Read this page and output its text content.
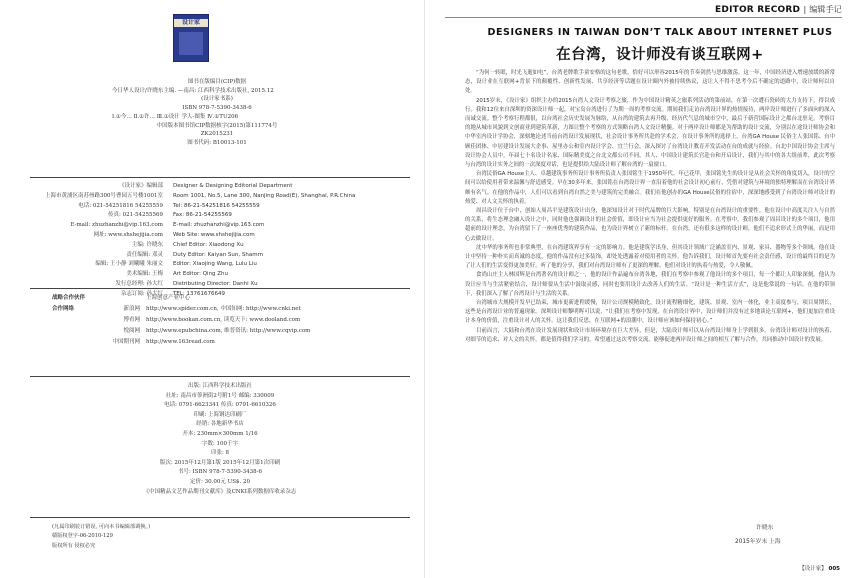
设计家
图书在版编目(CIP)数据
今日华人设计/许晓东主编. —南昌: 江西科学技术出版社, 2015.12
(设计家书系)
ISBN 978-7-5390-3438-6
Ⅰ.①今… Ⅱ.①许… Ⅲ.①设计 学人-图集 Ⅳ.①TU206
中国版本图书馆CIP数据核字(2015)第111774号
ZK2015231
图书代码: B10013-101
《设计家》编辑部	Designer & Designing Editorial Department
上海市黄浦区南苏州路300号曹园五号楼1001室	Room 1001, No.5, Lane 300, Nanjing Road(E), Shanghai, P.R.China
电话: 021-54251816 54255559	Tel: 86-21-54251816 54255559
传真: 021-54255569	Fax: 86-21-54255569
E-mail: zhuzhanzhi@vip.163.com	E-mail: zhuzhanzhi@vip.163.com
网址: www.shshejijia.com	Web Site: www.shshejijia.com
主编: 许晓东	Chief Editor: Xiaodong Xu
责任编辑: 邓灵	Duty Editor: Kaiyan Sun, Shamm
编辑: 王小静 刘曦曦 朱丽文	Editor: Xiaojing Wang, Lulu Liu
美术编辑: 王梅	Art Editor: Qing Zhu
发行总经理: 孙大红	Distributing Director: Danhi Xu
杂志订阅: 孙大红	TEL: 13761676649
战略合作伙伴	上海创意产业中心
合作网络	新浪网	http://www.spider.com.cn, 中国知网: http://www.cnki.net
博看网	http://www.bookan.com.cn, 读览天下: www.dooland.com
悦阅网	http://www.epubchina.com, 维普资讯: http://www.cqvip.com
中国期刊网	http://www.163read.com
出版: 江西科学技术出版社
社址: 南昌市蓼洲街2号附1号 邮编: 330009
电话: 0791-6623341 传真: 0791-6610326
印刷: 上海钢达印刷厂
经销: 各地新华书店
开本: 230mm×300mm 1/16
字数: 100千字
印张: 8
版次: 2015年12月第1版 2015年12月第1次印刷
书号: ISBN 978-7-5390-3438-6
定价: 30.00元 US$. 20
《中国精品文艺作品期刊文献库》及CNKI系列数据库收录杂志
(凡属印刷装订错误, 可向本书编辑部调换。)
赣版权登字-06-2010-129
版权所有 侵权必究
EDITOR RECORD | 编辑手记
DESIGNERS IN TAIWAN DON’T TALK ABOUT INTERNET PLUS
在台湾，设计师没有谈互联网+

“为何一转眼，时光飞逝如电”，台湾老牌歌手童安格的这句老歌，恰好可以形容2015年的节奏剑然与思维激荡。这一年，中国经济进入增速放缓的新常态，设计业在互联网+背景下的颠覆性、创新性发展、共享经济等话题在设计圈内外被持续热议，这让人不得不思考今后不确定的道路中，设计师何以自处。

2015岁末，《设计家》组织主办的2015台湾人文设计考察之旅，作为中国设计精英之旅系列活动的第前站，在第一次遭石瓷砖的大力支持下，得以成行。我和12位来自深圳的资深设计师一起，对宝岛台湾进行了为期一周的考察交流。期间我们走访台湾设计界的热情接待，两岸设计师进行了多面向的深入而诚交流。整个考察行程都很，以台湾社会历史发展为脉络，从台湾的建筑去再升级，经历代气息的城市空中，最后于新营国际设计之都台北驻足。考察目的地从城市风貌到文创商业到建筑革新，力图让整个考察的方式领略台湾人文设计精髓。对于两岸设计师都是为帮助的设计交流，分别以在途设计师协会和中华室内设计学协会，深刻地论述当前台湾设计发展现状，社会设计事务所共赴的学术会，在设计事务所的选择上，台湾GA House 民俗主人张国铭、台中顾佳团体、中居建设计发展大企事、屋里办公和室内设计学会、宜兰行会，深入探讨了台湾设计教育开发活动在台的成就与经验。台北中国设计协会主席与设计协会人员中，年届七十名设计名家、国际精美度之台北文都公司不同，其人、中国设计建筑长官赴台和开启设计，我们与其中的各大组前辈，此次考察与台湾的设计实务之间的一次深度对话，也是提供给大陆设计师了解台湾的一扇窗口。

台湾民俗GA House主人、卓越建筑事务所设计事务所负责人张国铭生于1950年代、年已花甲，张国铭先生的设计是从社会关怀的角度切入，设计的空间可以给使用者带来温馨与舒适感受。早在30多年来，张国铭在台湾设计界一直沿着他的社会设计初心前行，凭借对建筑与环境的独特理解而在台湾设计界颇有名气。在他的作品中，人们可以看到台湾自然之美与建筑的完美融合。我们在他创办的GA House民俗的住宿中，深深地感受到了台湾设计师对设计的热爱、对人文关怀的执着。

周昌设计位于台中，创始人周昌平是建筑设计出身，他深知设计对于时代品牌的巨大影响，特别是在台湾设计的重要性。他在设计中高度关注人与自然的关系，将生态理念融入设计之中，同时他也强调设计的社会价值，即设计应当为社会提供更好的服务。在考察中，我们参观了周昌设计的多个项目，他用超前的设计理念，为台湾留下了一座座优秀的建筑作品，也为设计界树立了新的标杆。在台湾，还有很多这样的设计师，他们不追求形式上的华丽，而是用心去做设计。

沈中华的事务所也非常典型，在台湾建筑界享有一定的影响力。他是建筑学出身，但其设计领域广泛涵盖室内、景观、家具、器物等多个领域。他在设计中坚持一种朴实而真诚的态度，他的作品没有过多装饰，却处处透露着对使用者的关怀。他告诉我们，设计师首先要有社会责任感，设计的最终目的是为了让人们的生活变得更加美好。听了他的分享，我们对台湾设计师有了更深的理解，他们对设计的执着与热爱，令人敬佩。

食尚山庄主人林国辉是台湾著名的设计师之一，他的设计作品遍布台湾各地，我们在考察中参观了他设计的多个项目，每一个都让人印象深刻。他认为设计应当与生活紧密结合，设计师要从生活中汲取灵感，同时也要用设计去改善人们的生活。“设计是一种生活方式”，这是他常说的一句话。在他的带领下，我们深入了解了台湾设计与生活的关系。

台湾城市大规模开发早已结束，城市更新进程缓慢，设计公司规模精致化，设计流程精细化，建筑、景观、室内一体化，业主高度参与，项目周期长，这些是台湾设计业的普遍现象。深圳设计师黎明晖可以说，“让我们在考察中发现，在台湾设计界中，设计师们并没有过多地谈论互联网+，他们更加注重设计本身的价值，注重设计对人的关怀。这让我们反思，在互联网+的浪潮中，设计师应该如何保持初心。”

目前而言，大陆和台湾在设计发展现状和设计市场环境存在巨大差异，但是，大陆设计师可以从台湾设计师身上学到很多。台湾设计师对设计的执着、对细节的追求、对人文的关怀，都是值得我们学习的。希望通过这次考察交流，能够促进两岸设计师之间的相互了解与合作，共同推动中国设计的发展。

许晓东
2015年岁末 上海
【设计家】 005
